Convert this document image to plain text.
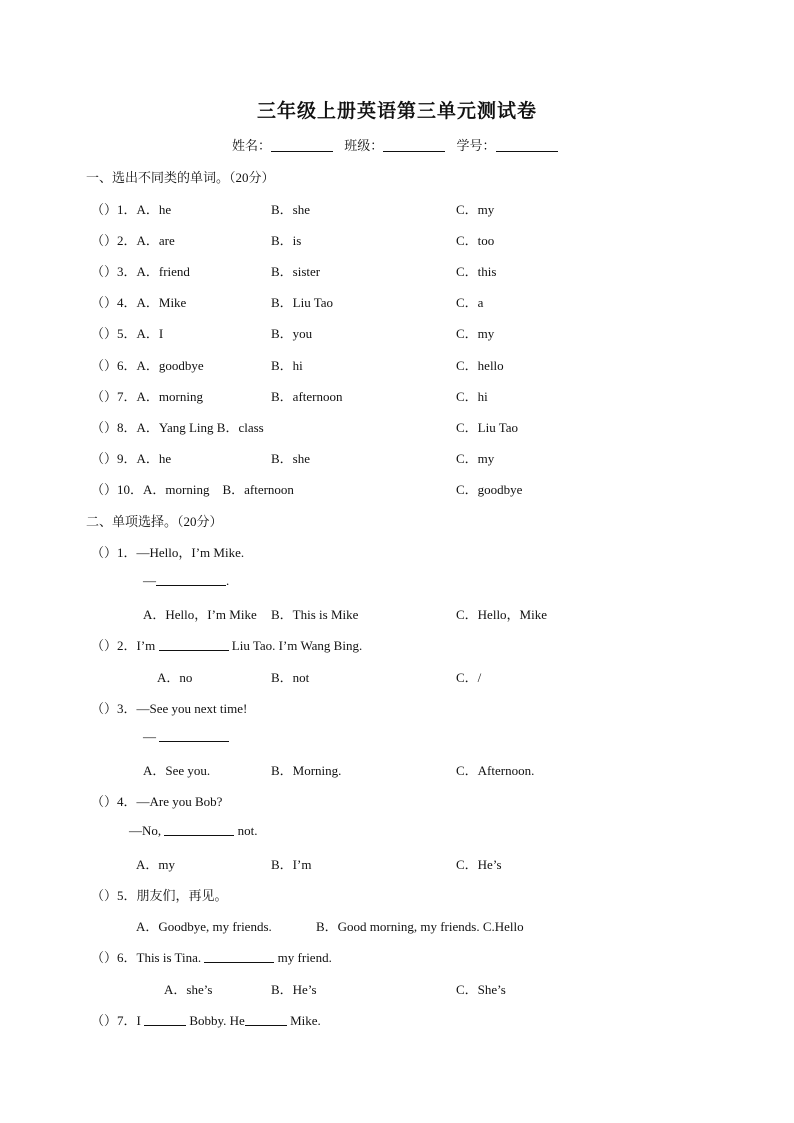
三年级上册英语第三单元测试卷
姓名：	班级：	学号：
一、选出不同类的单词。（20分）
（）1．A．he	B．she	C．my
（）2．A．are	B．is	C．too
（）3．A．friend	B．sister	C．this
（）4．A．Mike	B．Liu Tao	C．a
（）5．A．I	B．you	C．my
（）6．A．goodbye	B．hi	C．hello
（）7．A．morning	B．afternoon	C．hi
（）8．A．Yang Ling B．class	C．Liu Tao
（）9．A．he	B．she	C．my
（）10．A．morning　B．afternoon	C．goodbye
二、单项选择。（20分）
（）1．—Hello，I’m Mike.
—	.
A．Hello，I’m Mike B．This is Mike	C．Hello，Mike
（）2．I’m	Liu Tao. I’m Wang Bing.
A．no	B．not	C．/
（）3．—See you next time!
—
A．See you.	B．Morning.	C．Afternoon.
（）4．—Are you Bob?
—No,	not.
A．my	B．I’m	C．He’s
（）5．朋友们，再见。
A．Goodbye, my friends.	B．Good morning, my friends. C.Hello
（）6．This is Tina.	my friend.
A．she’s	B．He’s	C．She’s
（）7．I	Bobby. He	Mike.
